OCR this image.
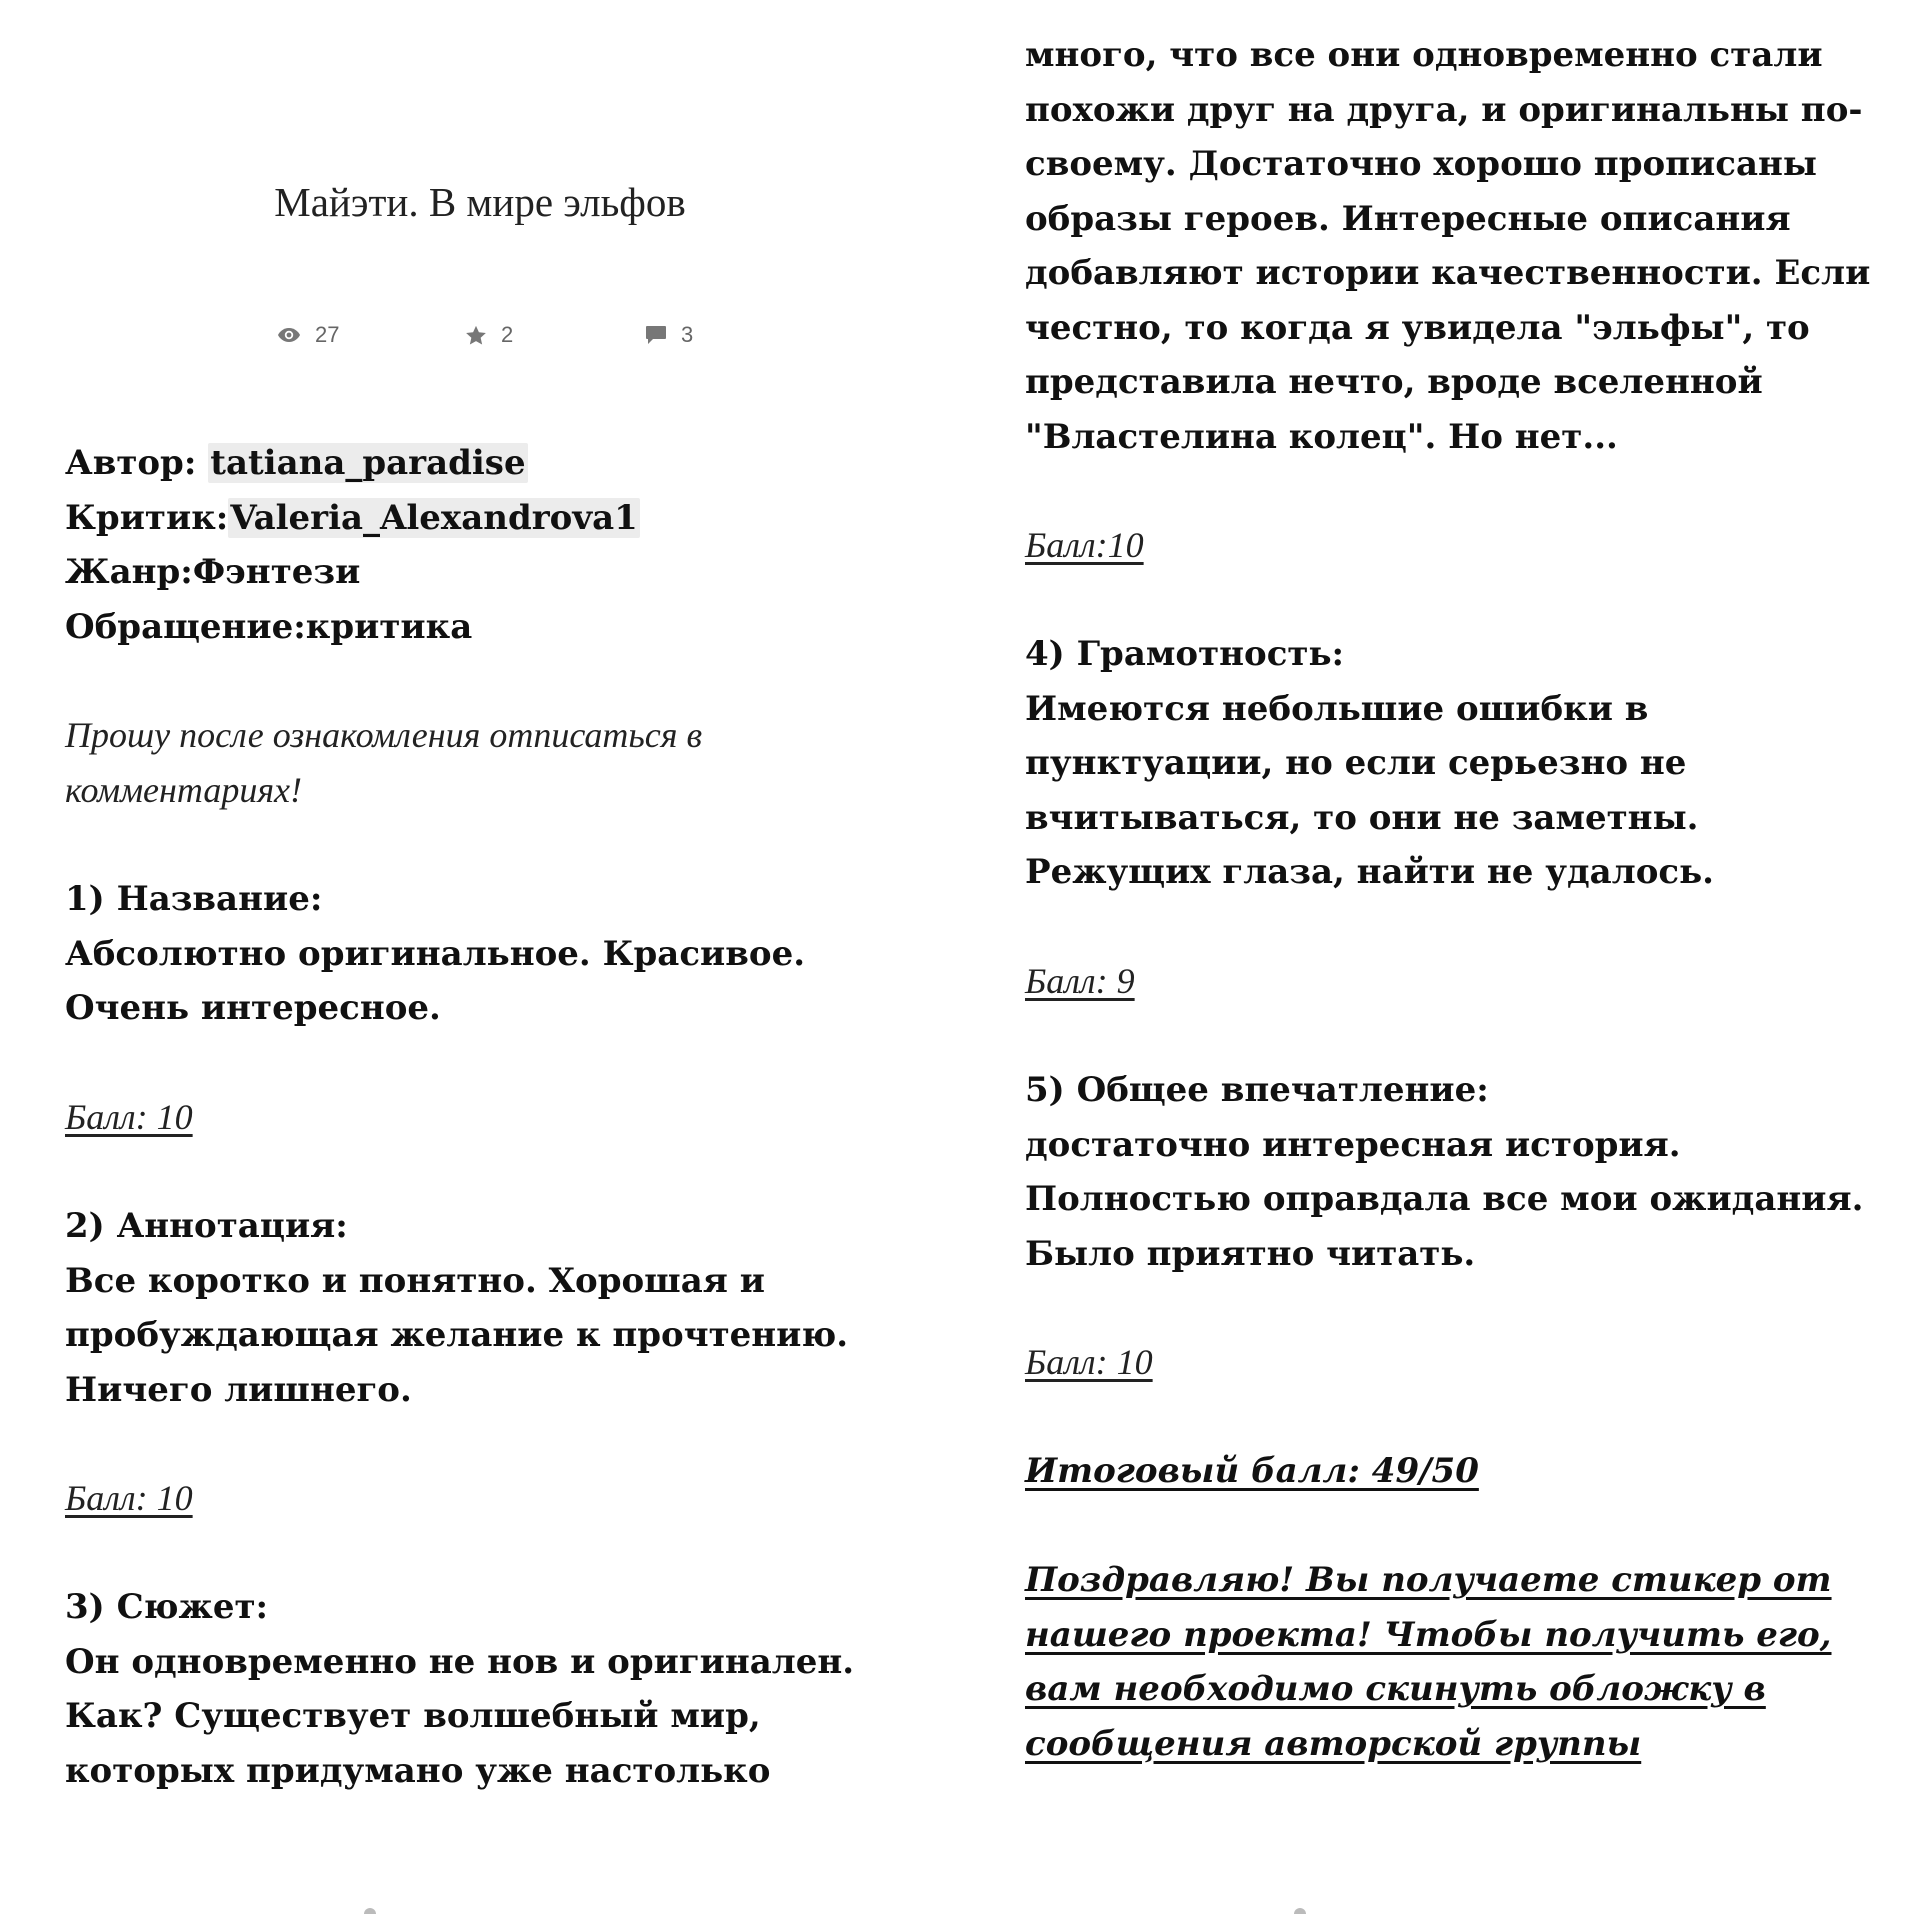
Майэти. В мире эльфов
27	2	3

Автор: tatiana_paradise

Критик:Valeria_Alexandrova1

Жанр:Фэнтези

Обращение:критика

Прошу после ознакомления отписаться в

комментариях!

1) Название:

Абсолютно оригинальное. Красивое.

Очень интересное.

Балл: 10

2) Аннотация:

Все коротко и понятно. Хорошая и

пробуждающая желание к прочтению.

Ничего лишнего.

Балл: 10

3) Сюжет:

Он одновременно не нов и оригинален.

Как? Существует волшебный мир,

которых придумано уже настолько

много, что все они одновременно стали

похожи друг на друга, и оригинальны по-

своему. Достаточно хорошо прописаны

образы героев. Интересные описания

добавляют истории качественности. Если

честно, то когда я увидела "эльфы", то

представила нечто, вроде вселенной

"Властелина колец". Но нет...

Балл:10

4) Грамотность:

Имеются небольшие ошибки в

пунктуации, но если серьезно не

вчитываться, то они не заметны.

Режущих глаза, найти не удалось.

Балл: 9

5) Общее впечатление:

достаточно интересная история.

Полностью оправдала все мои ожидания.

Было приятно читать.

Балл: 10

Итоговый балл: 49/50

Поздравляю! Вы получаете стикер от

нашего проекта! Чтобы получить его,

вам необходимо скинуть обложку в

сообщения авторской группы
